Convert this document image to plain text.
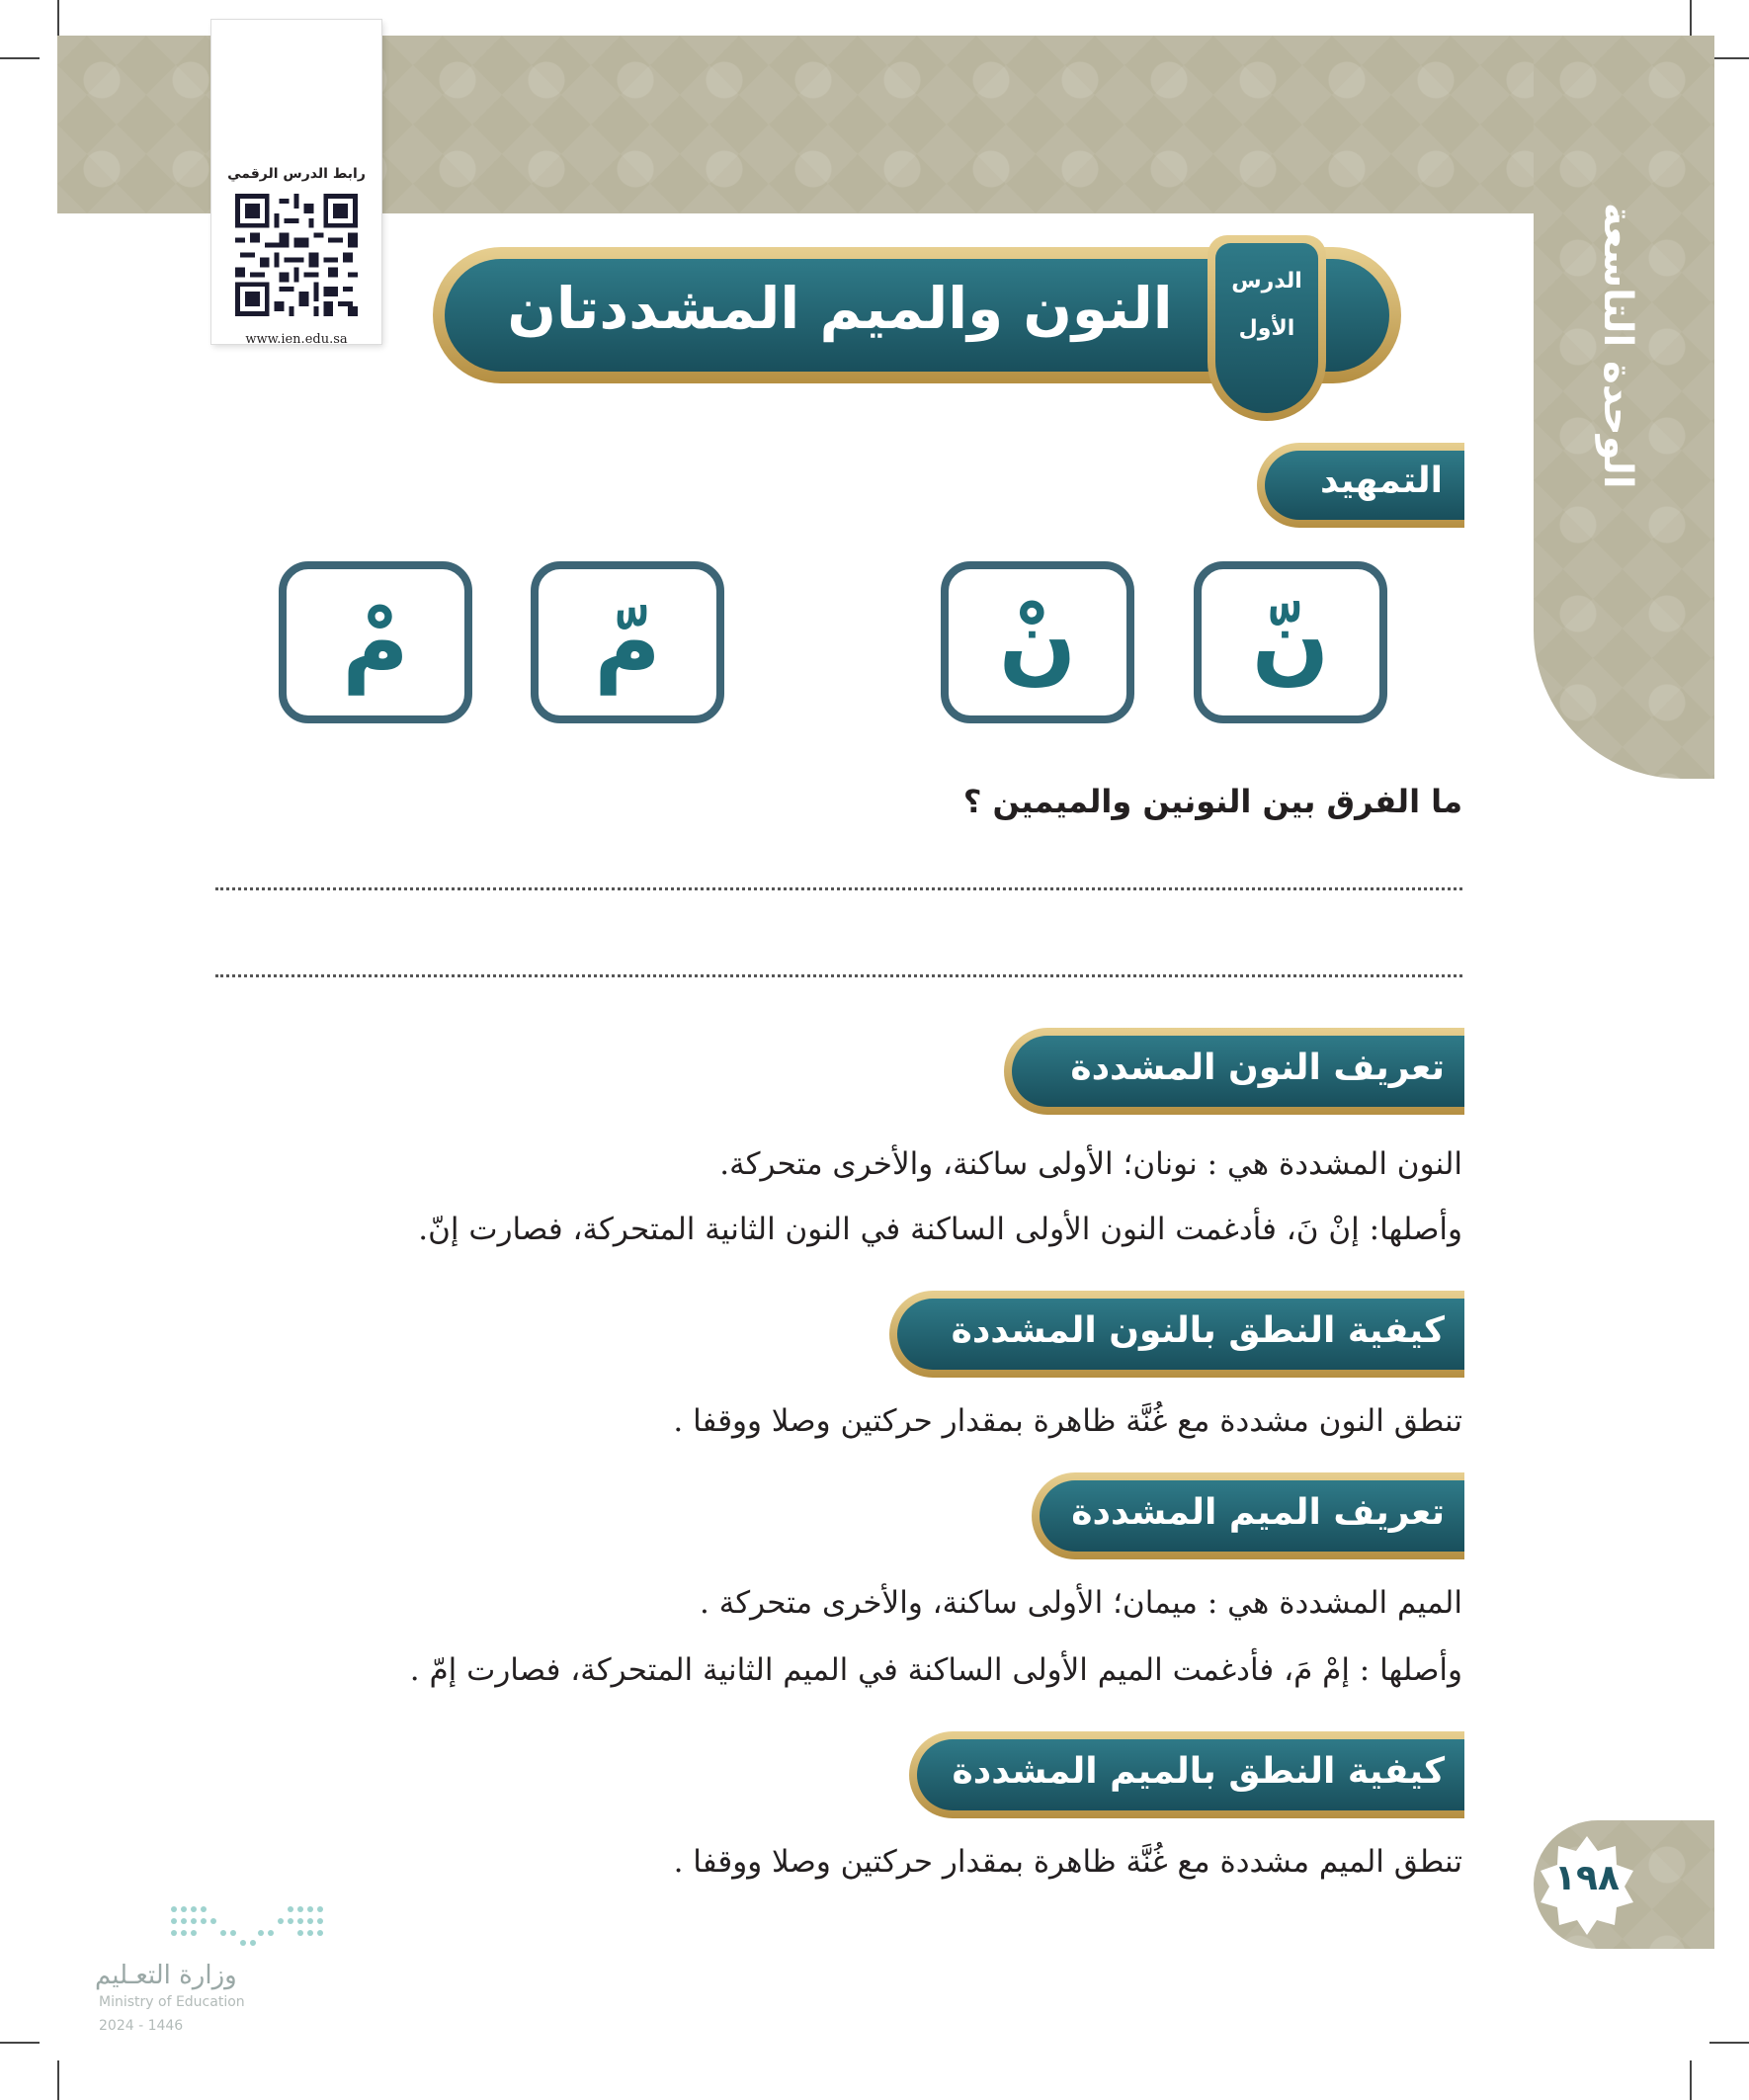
الوحدة التاسعة
رابط الدرس الرقمي
www.ien.edu.sa	النون والميم المشددتان	الدرس
الأول
التمهيد
نّ
نْ
مّ
مْ
ما الفرق بين النونين والميمين ؟
تعريف النون المشددة
النون المشددة هي : نونان؛ الأولى ساكنة، والأخرى متحركة.
وأصلها: إنْ نَ، فأدغمت النون الأولى الساكنة في النون الثانية المتحركة، فصارت إنّ.
كيفية النطق بالنون المشددة
تنطق النون مشددة مع غُنَّة ظاهرة بمقدار حركتين وصلا ووقفا .
تعريف الميم المشددة
الميم المشددة هي : ميمان؛ الأولى ساكنة، والأخرى متحركة .
وأصلها : إمْ مَ، فأدغمت الميم الأولى الساكنة في الميم الثانية المتحركة، فصارت إمّ .
كيفية النطق بالميم المشددة
تنطق الميم مشددة مع غُنَّة ظاهرة بمقدار حركتين وصلا ووقفا .	١٩٨
وزارة التعـليم
Ministry of Education
2024 - 1446
